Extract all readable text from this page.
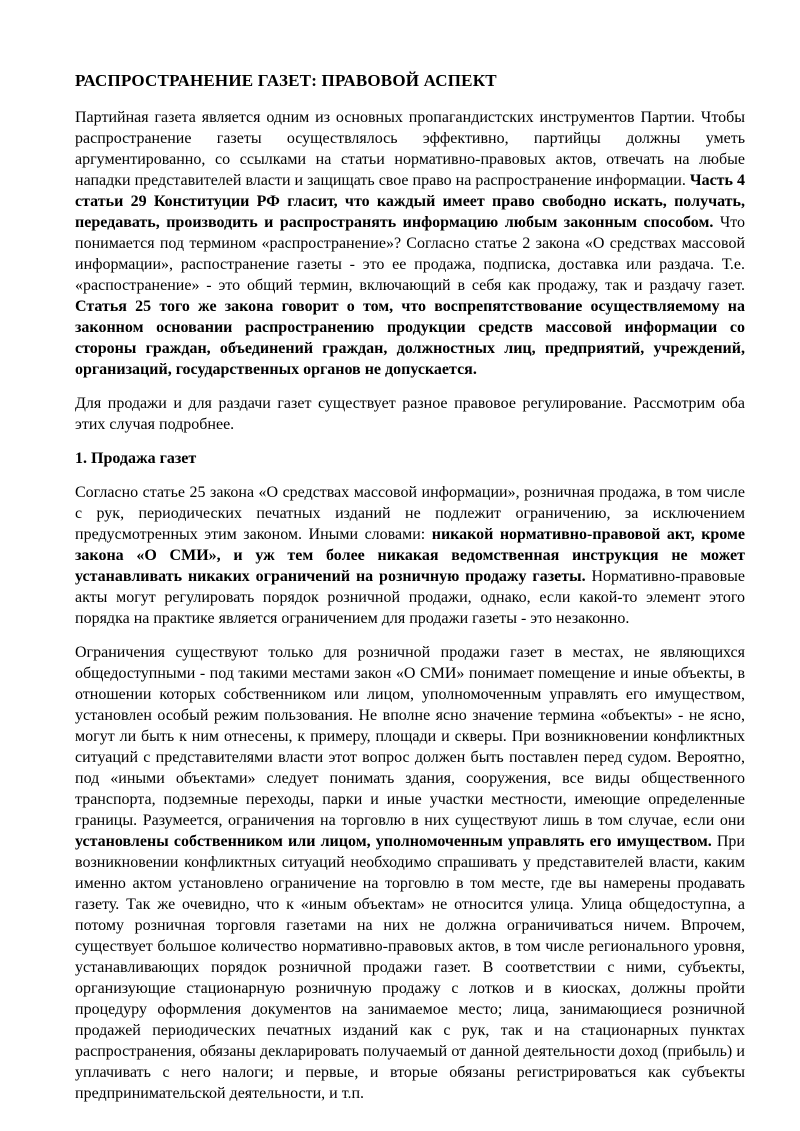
РАСПРОСТРАНЕНИЕ ГАЗЕТ: ПРАВОВОЙ АСПЕКТ

Партийная газета является одним из основных пропагандистских инструментов Партии. Чтобы распространение газеты осуществлялось эффективно, партийцы должны уметь аргументированно, со ссылками на статьи нормативно-правовых актов, отвечать на любые нападки представителей власти и защищать свое право на распространение информации. Часть 4 статьи 29 Конституции РФ гласит, что каждый имеет право свободно искать, получать, передавать, производить и распространять информацию любым законным способом. Что понимается под термином «распространение»? Согласно статье 2 закона «О средствах массовой информации», распостранение газеты - это ее продажа, подписка, доставка или раздача. Т.е. «распостранение» - это общий термин, включающий в себя как продажу, так и раздачу газет. Статья 25 того же закона говорит о том, что воспрепятствование осуществляемому на законном основании распространению продукции средств массовой информации со стороны граждан, объединений граждан, должностных лиц, предприятий, учреждений, организаций, государственных органов не допускается.

Для продажи и для раздачи газет существует разное правовое регулирование. Рассмотрим оба этих случая подробнее.

1. Продажа газет

Согласно статье 25 закона «О средствах массовой информации», розничная продажа, в том числе с рук, периодических печатных изданий не подлежит ограничению, за исключением предусмотренных этим законом. Иными словами: никакой нормативно-правовой акт, кроме закона «О СМИ», и уж тем более никакая ведомственная инструкция не может устанавливать никаких ограничений на розничную продажу газеты. Нормативно-правовые акты могут регулировать порядок розничной продажи, однако, если какой-то элемент этого порядка на практике является ограничением для продажи газеты - это незаконно.

Ограничения существуют только для розничной продажи газет в местах, не являющихся общедоступными - под такими местами закон «О СМИ» понимает помещение и иные объекты, в отношении которых собственником или лицом, уполномоченным управлять его имуществом, установлен особый режим пользования. Не вполне ясно значение термина «объекты» - не ясно, могут ли быть к ним отнесены, к примеру, площади и скверы. При возникновении конфликтных ситуаций с представителями власти этот вопрос должен быть поставлен перед судом. Вероятно, под «иными объектами» следует понимать здания, сооружения, все виды общественного транспорта, подземные переходы, парки и иные участки местности, имеющие определенные границы. Разумеется, ограничения на торговлю в них существуют лишь в том случае, если они установлены собственником или лицом, уполномоченным управлять его имуществом. При возникновении конфликтных ситуаций необходимо спрашивать у представителей власти, каким именно актом установлено ограничение на торговлю в том месте, где вы намерены продавать газету. Так же очевидно, что к «иным объектам» не относится улица. Улица общедоступна, а потому розничная торговля газетами на них не должна ограничиваться ничем. Впрочем, существует большое количество нормативно-правовых актов, в том числе регионального уровня, устанавливающих порядок розничной продажи газет. В соответствии с ними, субъекты, организующие стационарную розничную продажу с лотков и в киосках, должны пройти процедуру оформления документов на занимаемое место; лица, занимающиеся розничной продажей периодических печатных изданий как с рук, так и на стационарных пунктах распространения, обязаны декларировать получаемый от данной деятельности доход (прибыль) и уплачивать с него налоги; и первые, и вторые обязаны регистрироваться как субъекты предпринимательской деятельности, и т.п.
